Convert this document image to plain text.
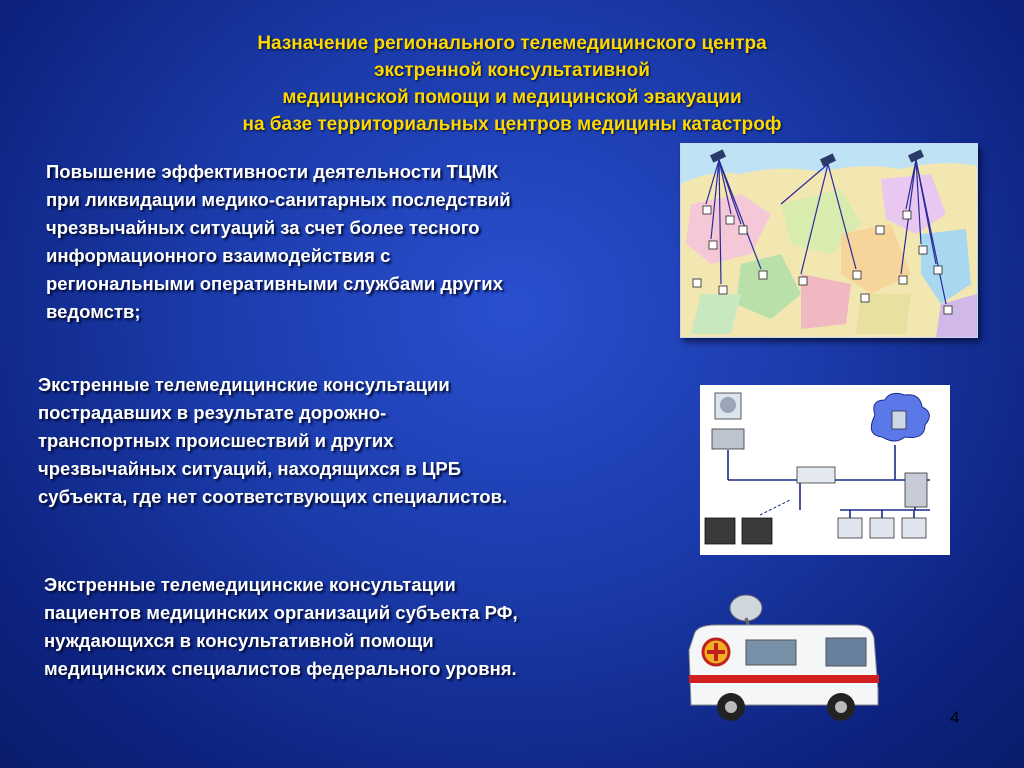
Назначение регионального телемедицинского центра
экстренной консультативной
медицинской помощи и медицинской эвакуации
на базе территориальных центров медицины катастроф
Повышение эффективности деятельности ТЦМК
при ликвидации медико-санитарных последствий
чрезвычайных ситуаций за счет более тесного
информационного взаимодействия с
региональными оперативными службами других
ведомств;
Экстренные телемедицинские консультации
пострадавших в результате дорожно-
транспортных происшествий и других
чрезвычайных ситуаций, находящихся в ЦРБ
субъекта, где нет соответствующих специалистов.
Экстренные телемедицинские консультации
пациентов медицинских организаций субъекта РФ,
нуждающихся в консультативной помощи
медицинских специалистов федерального уровня.
4
